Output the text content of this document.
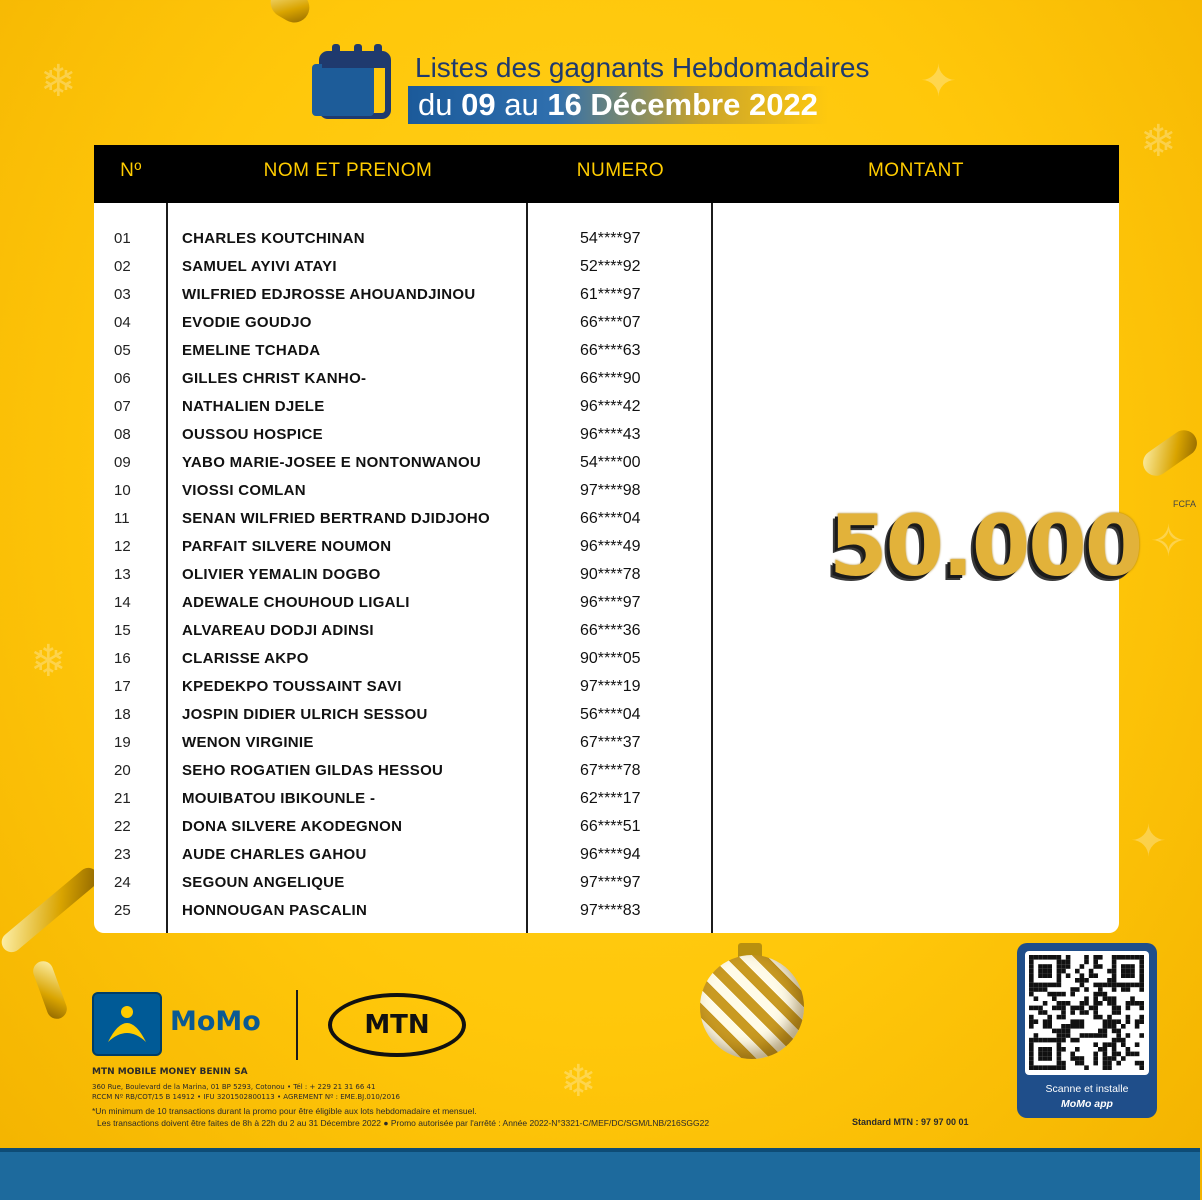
❄
❄
✧
❄
✦
❄
✦
Listes des gagnants Hebdomadaires
du 09 au 16 Décembre 2022
Nº	NOM ET PRENOM	NUMERO	MONTANT
01	CHARLES KOUTCHINAN	54****97
02	SAMUEL AYIVI ATAYI	52****92
03	WILFRIED EDJROSSE AHOUANDJINOU	61****97
04	EVODIE GOUDJO	66****07
05	EMELINE TCHADA	66****63
06	GILLES CHRIST KANHO-	66****90
07	NATHALIEN DJELE	96****42
08	OUSSOU HOSPICE	96****43
09	YABO MARIE-JOSEE E NONTONWANOU	54****00
10	VIOSSI COMLAN	97****98
11	SENAN WILFRIED BERTRAND DJIDJOHO	66****04
12	PARFAIT SILVERE NOUMON	96****49
13	OLIVIER YEMALIN DOGBO	90****78
14	ADEWALE CHOUHOUD LIGALI	96****97
15	ALVAREAU DODJI ADINSI	66****36
16	CLARISSE AKPO	90****05
17	KPEDEKPO TOUSSAINT SAVI	97****19
18	JOSPIN DIDIER ULRICH SESSOU	56****04
19	WENON VIRGINIE	67****37
20	SEHO ROGATIEN GILDAS HESSOU	67****78
21	MOUIBATOU IBIKOUNLE -	62****17
22	DONA SILVERE AKODEGNON	66****51
23	AUDE CHARLES GAHOU	96****94
24	SEGOUN ANGELIQUE	97****97
25	HONNOUGAN PASCALIN	97****83
50.000	FCFA
MoMo	MTN
MTN MOBILE MONEY BENIN SA
360 Rue, Boulevard de la Marina, 01 BP 5293, Cotonou • Tél : + 229 21 31 66 41
RCCM Nº RB/COT/15 B 14912 • IFU 3201502800113 • AGREMENT Nº : EME.BJ.010/2016
*Un minimum de 10 transactions durant la promo pour être éligible aux lots hebdomadaire et mensuel.
Les transactions doivent être faites de 8h à 22h du 2 au 31 Décembre 2022 ● Promo autorisée par l'arrêté : Année 2022-N°3321-C/MEF/DC/SGM/LNB/216SGG22	Standard MTN : 97 97 00 01
Scanne et installe
MoMo app
